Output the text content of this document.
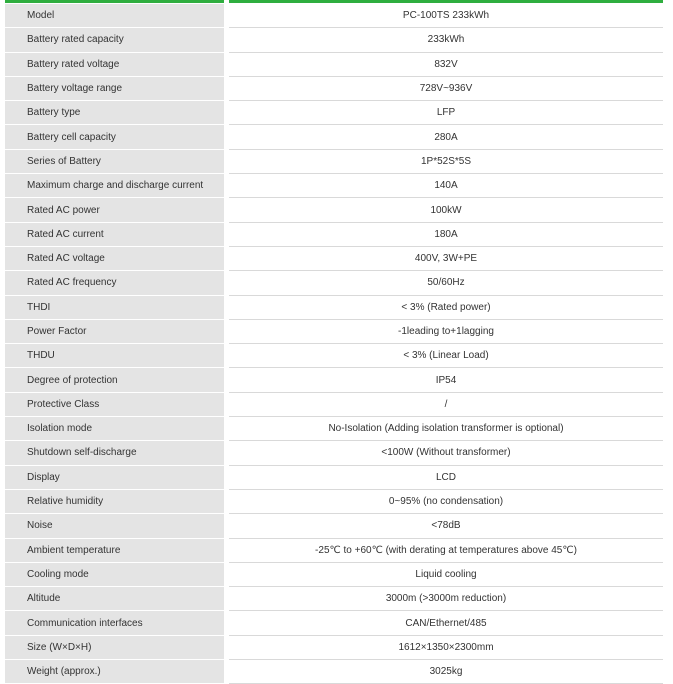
Model	PC-100TS 233kWh
Battery rated capacity	233kWh
Battery rated voltage	832V
Battery voltage range	728V~936V
Battery type	LFP
Battery cell capacity	280A
Series of Battery	1P*52S*5S
Maximum charge and discharge current	140A
Rated AC power	100kW
Rated AC current	180A
Rated AC voltage	400V, 3W+PE
Rated AC frequency	50/60Hz
THDI	< 3% (Rated power)
Power Factor	-1leading to+1lagging
THDU	< 3% (Linear Load)
Degree of protection	IP54
Protective Class	/
Isolation mode	No-Isolation (Adding isolation transformer is optional)
Shutdown self-discharge	<100W (Without transformer)
Display	LCD
Relative humidity	0~95% (no condensation)
Noise	<78dB
Ambient temperature	-25℃ to +60℃ (with derating at temperatures above 45℃)
Cooling mode	Liquid cooling
Altitude	3000m (>3000m reduction)
Communication interfaces	CAN/Ethernet/485
Size (W×D×H)	1612×1350×2300mm
Weight (approx.)	3025kg
